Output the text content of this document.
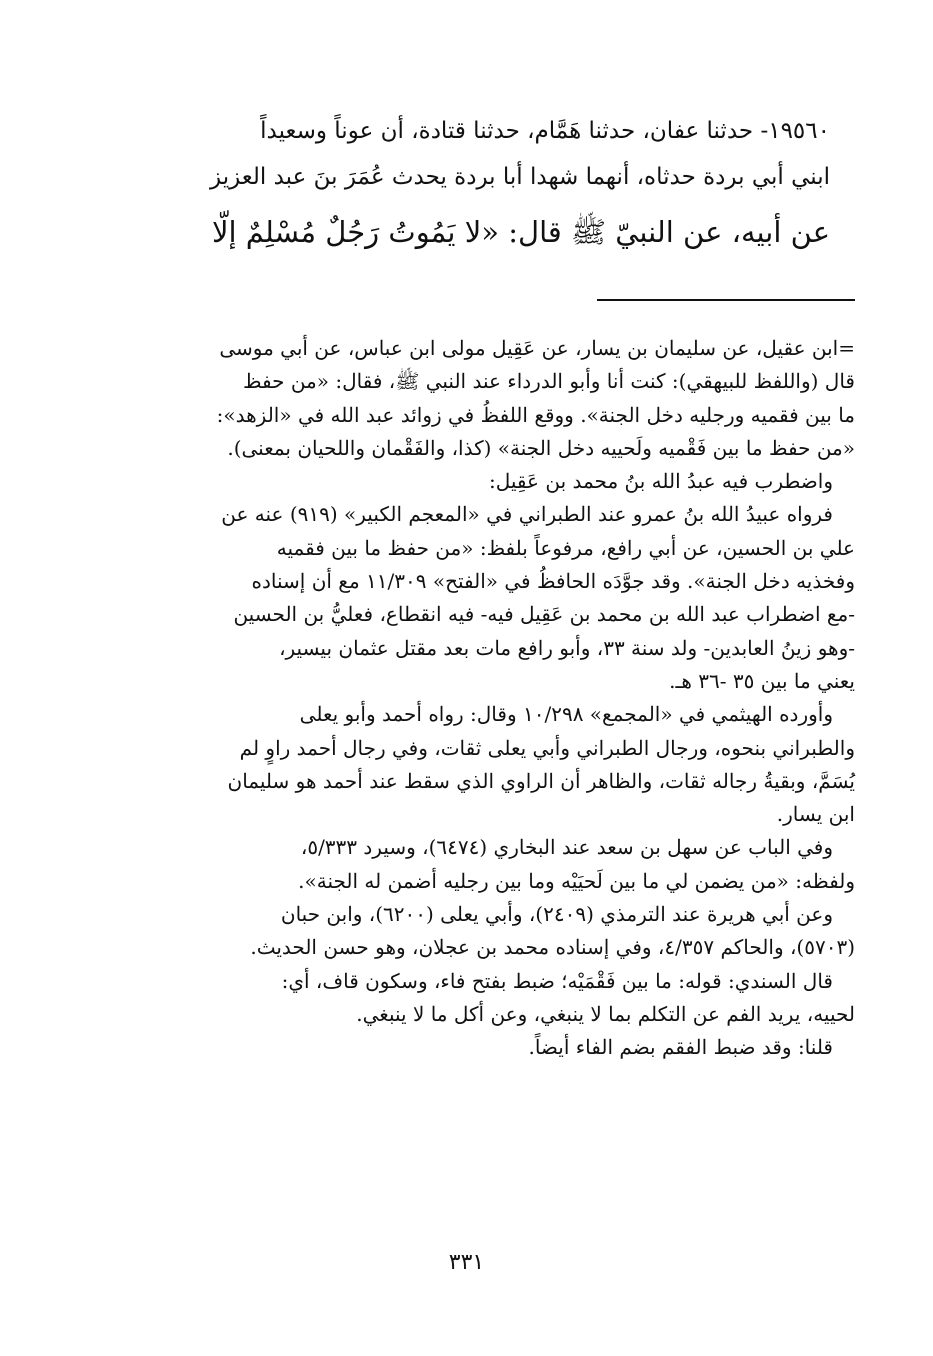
١٩٥٦٠- حدثنا عفان، حدثنا هَمَّام، حدثنا قتادة، أن عوناً وسعيداً
ابني أبي بردة حدثاه، أنهما شهدا أبا بردة يحدث عُمَرَ بنَ عبد العزيز
عن أبيه، عن النبيّ ﷺ قال: «لا يَمُوتُ رَجُلٌ مُسْلِمٌ إلّا
=ابن عقيل، عن سليمان بن يسار، عن عَقِيل مولى ابن عباس، عن أبي موسى
قال (واللفظ للبيهقي): كنت أنا وأبو الدرداء عند النبي ﷺ، فقال: «من حفظ
ما بين فقميه ورجليه دخل الجنة». ووقع اللفظُ في زوائد عبد الله في «الزهد»:
«من حفظ ما بين فَقْميه ولَحييه دخل الجنة» (كذا، والفَقْمان واللحيان بمعنى).
واضطرب فيه عبدُ الله بنُ محمد بن عَقِيل:
فرواه عبيدُ الله بنُ عمرو عند الطبراني في «المعجم الكبير» (٩١٩) عنه عن
علي بن الحسين، عن أبي رافع، مرفوعاً بلفظ: «من حفظ ما بين فقميه
وفخذيه دخل الجنة». وقد جوَّدَه الحافظُ في «الفتح» ١١/٣٠٩ مع أن إسناده
-مع اضطراب عبد الله بن محمد بن عَقِيل فيه- فيه انقطاع، فعليُّ بن الحسين
-وهو زينُ العابدين- ولد سنة ٣٣، وأبو رافع مات بعد مقتل عثمان بيسير،
يعني ما بين ٣٥ -٣٦ هـ.
وأورده الهيثمي في «المجمع» ١٠/٢٩٨ وقال: رواه أحمد وأبو يعلى
والطبراني بنحوه، ورجال الطبراني وأبي يعلى ثقات، وفي رجال أحمد راوٍ لم
يُسَمَّ، وبقيةُ رجاله ثقات، والظاهر أن الراوي الذي سقط عند أحمد هو سليمان
ابن يسار.
وفي الباب عن سهل بن سعد عند البخاري (٦٤٧٤)، وسيرد ٥/٣٣٣،
ولفظه: «من يضمن لي ما بين لَحيَيْه وما بين رجليه أضمن له الجنة».
وعن أبي هريرة عند الترمذي (٢٤٠٩)، وأبي يعلى (٦٢٠٠)، وابن حبان
(٥٧٠٣)، والحاكم ٤/٣٥٧، وفي إسناده محمد بن عجلان، وهو حسن الحديث.
قال السندي: قوله: ما بين فَقْمَيْه؛ ضبط بفتح فاء، وسكون قاف، أي:
لحييه، يريد الفم عن التكلم بما لا ينبغي، وعن أكل ما لا ينبغي.
قلنا: وقد ضبط الفقم بضم الفاء أيضاً.
٣٣١
